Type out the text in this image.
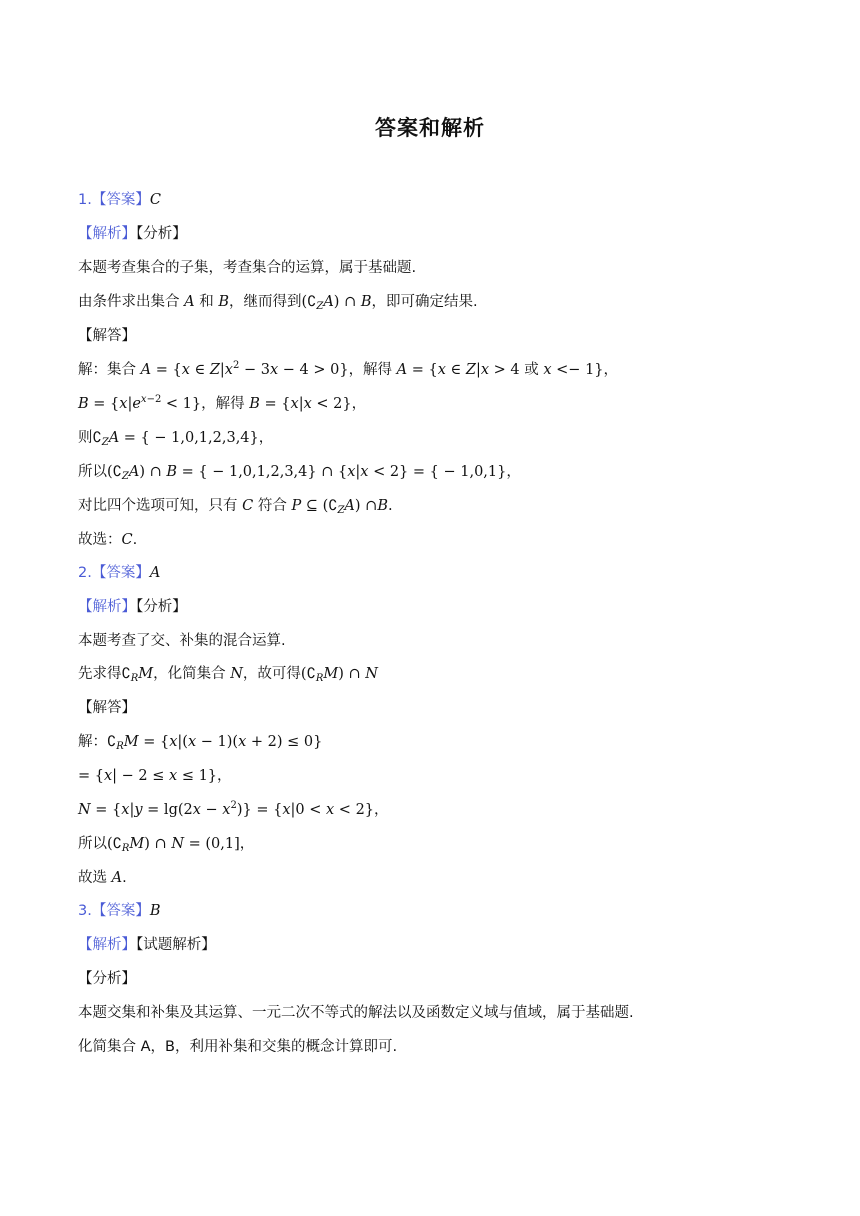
答案和解析
1.【答案】C
【解析】【分析】
本题考查集合的子集，考查集合的运算，属于基础题.
由条件求出集合 A 和 B，继而得到$(∁_ZA)$ ∩ B，即可确定结果.
【解答】
解：集合 A = {x ∈ $Z|x^2 - 3x - 4 > 0$}，解得 A = {x ∈ Z|x > 4 或 x <− 1}，
$B = \{x|e^{x-2} < 1\}$，解得 B = {x|x < 2}，
则$∁_ZA$ = { − 1,0,1,2,3,4}，
所以$(∁_ZA)$ ∩ B = { − 1,0,1,2,3,4} ∩ {x|x < 2} = { − 1,0,1}，
对比四个选项可知，只有 C 符合 P ⊆ $(∁_ZA)$ ∩B.
故选：C.
2.【答案】A
【解析】【分析】
本题考查了交、补集的混合运算.
先求得$∁_RM$，化简集合 N，故可得$(∁_RM)$ ∩ N
【解答】
解：$∁_RM = \{x|(x - 1)(x + 2) \le 0\}$
= {x| − 2 ≤ x ≤ 1}，
$N = \{x|y = \lg(2x - x^2)\} = \{x|0 < x < 2\}$，
所以$(∁_RM)$ ∩ N = (0,1]，
故选 A.
3.【答案】B
【解析】【试题解析】
【分析】
本题交集和补集及其运算、一元二次不等式的解法以及函数定义域与值域，属于基础题.
化简集合 A，B，利用补集和交集的概念计算即可.
